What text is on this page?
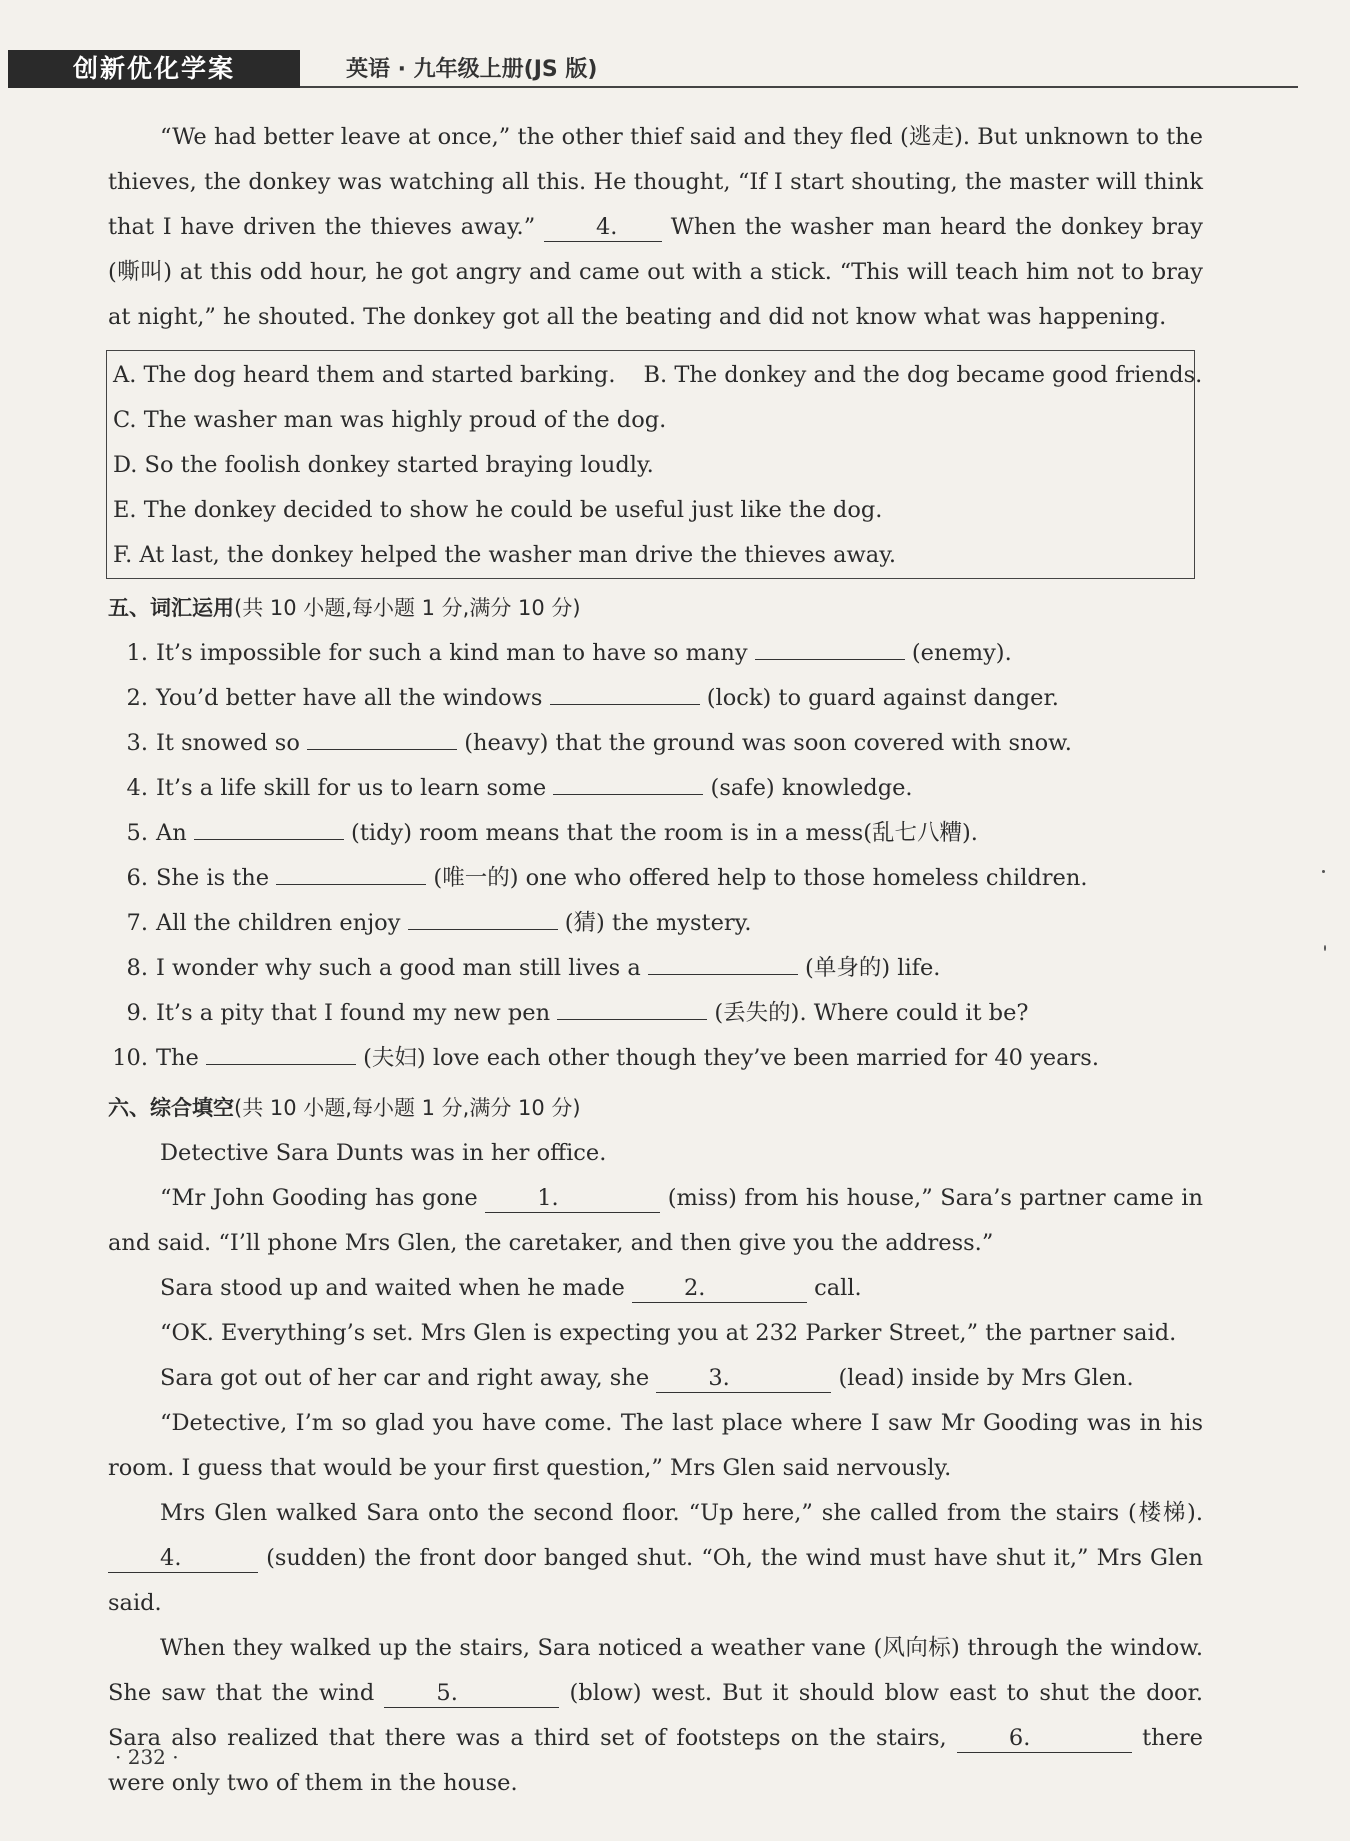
创新优化学案	英语 · 九年级上册(JS 版)

“We had better leave at once,” the other thief said and they fled (逃走). But unknown to the thieves, the donkey was watching all this. He thought, “If I start shouting, the master will think that I have driven the thieves away.” 4. When the washer man heard the donkey bray (嘶叫) at this odd hour, he got angry and came out with a stick. “This will teach him not to bray at night,” he shouted. The donkey got all the beating and did not know what was happening.

A. The dog heard them and started barking. B. The donkey and the dog became good friends.
C. The washer man was highly proud of the dog.
D. So the foolish donkey started braying loudly.
E. The donkey decided to show he could be useful just like the dog.
F. At last, the donkey helped the washer man drive the thieves away.
五、词汇运用(共 10 小题,每小题 1 分,满分 10 分)
1. It’s impossible for such a kind man to have so many	(enemy).
2. You’d better have all the windows	(lock) to guard against danger.
3. It snowed so	(heavy) that the ground was soon covered with snow.
4. It’s a life skill for us to learn some	(safe) knowledge.
5. An	(tidy) room means that the room is in a mess(乱七八糟).
6. She is the	(唯一的) one who offered help to those homeless children.
7. All the children enjoy	(猜) the mystery.
8. I wonder why such a good man still lives a	(单身的) life.
9. It’s a pity that I found my new pen	(丢失的). Where could it be?
10. The	(夫妇) love each other though they’ve been married for 40 years.
六、综合填空(共 10 小题,每小题 1 分,满分 10 分)

Detective Sara Dunts was in her office.

“Mr John Gooding has gone 1.	(miss) from his house,” Sara’s partner came in and said. “I’ll phone Mrs Glen, the caretaker, and then give you the address.”

Sara stood up and waited when he made 2.	call.

“OK. Everything’s set. Mrs Glen is expecting you at 232 Parker Street,” the partner said.

Sara got out of her car and right away, she 3.	(lead) inside by Mrs Glen.

“Detective, I’m so glad you have come. The last place where I saw Mr Gooding was in his room. I guess that would be your first question,” Mrs Glen said nervously.

Mrs Glen walked Sara onto the second floor. “Up here,” she called from the stairs (楼梯). 4.	(sudden) the front door banged shut. “Oh, the wind must have shut it,” Mrs Glen said.

When they walked up the stairs, Sara noticed a weather vane (风向标) through the window. She saw that the wind 5.	(blow) west. But it should blow east to shut the door. Sara also realized that there was a third set of footsteps on the stairs, 6.	there were only two of them in the house.

· 232 ·
